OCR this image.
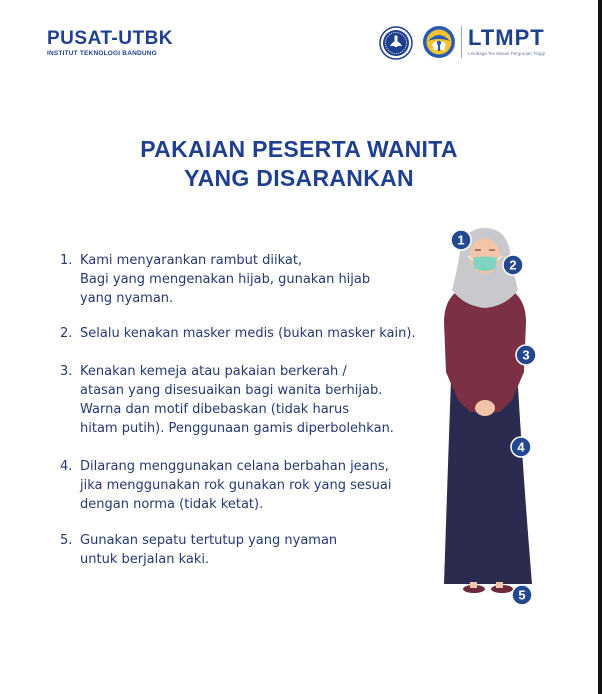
PUSAT-UTBK
INSTITUT TEKNOLOGI BANDUNG
LTMPT
Lembaga Tes Masuk Perguruan Tinggi
PAKAIAN PESERTA WANITA
YANG DISARANKAN
1. Kami menyarankan rambut diikat,
Bagi yang mengenakan hijab, gunakan hijab
yang nyaman.
2. Selalu kenakan masker medis (bukan masker kain).
3. Kenakan kemeja atau pakaian berkerah /
atasan yang disesuaikan bagi wanita berhijab.
Warna dan motif dibebaskan (tidak harus
hitam putih). Penggunaan gamis diperbolehkan.
4. Dilarang menggunakan celana berbahan jeans,
jika menggunakan rok gunakan rok yang sesuai
dengan norma (tidak ketat).
5. Gunakan sepatu tertutup yang nyaman
untuk berjalan kaki.
1
2
3
4
5
